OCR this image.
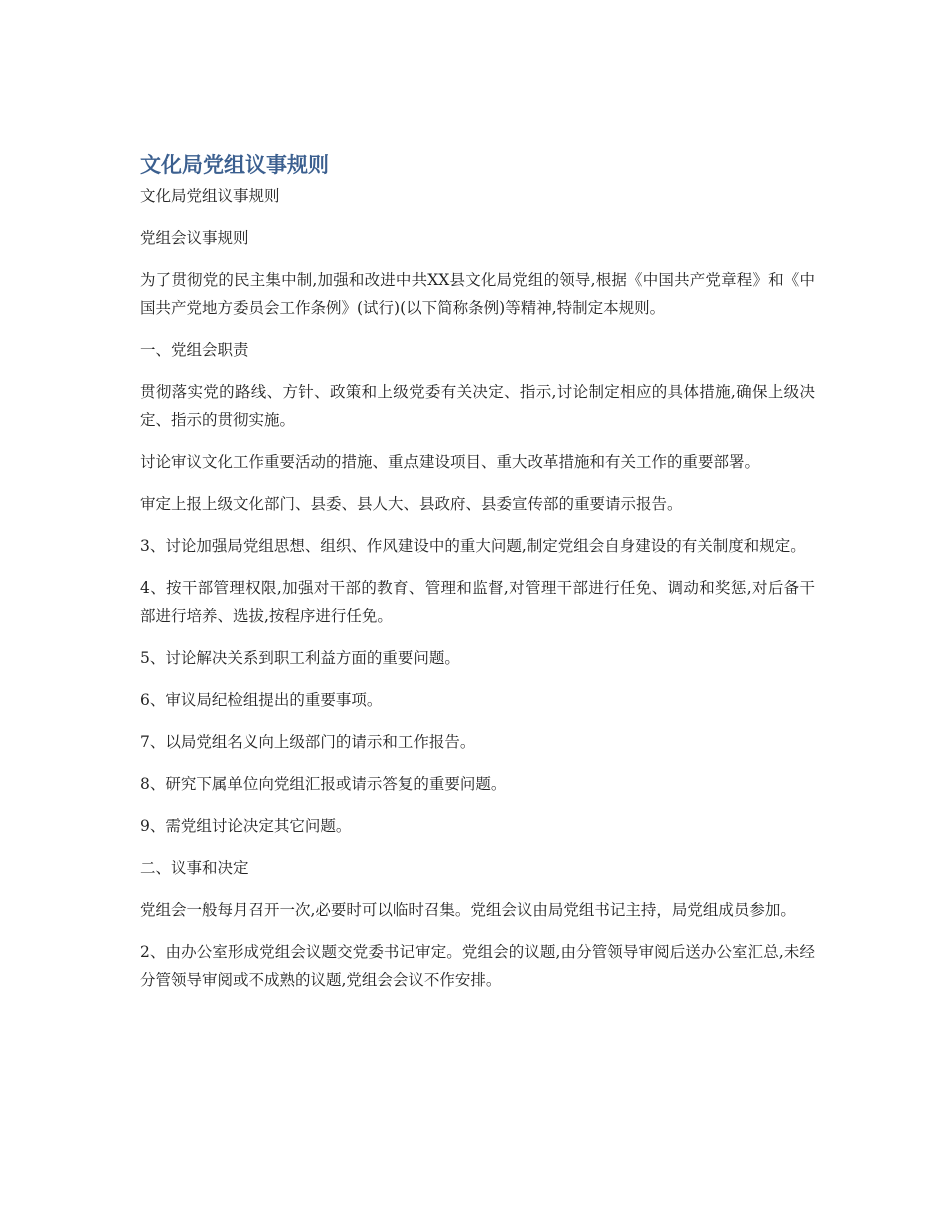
文化局党组议事规则

文化局党组议事规则

党组会议事规则

为了贯彻党的民主集中制,加强和改进中共XX县文化局党组的领导,根据《中国共产党章程》和《中国共产党地方委员会工作条例》(试行)(以下简称条例)等精神,特制定本规则。

一、党组会职责

贯彻落实党的路线、方针、政策和上级党委有关决定、指示,讨论制定相应的具体措施,确保上级决定、指示的贯彻实施。

讨论审议文化工作重要活动的措施、重点建设项目、重大改革措施和有关工作的重要部署。

审定上报上级文化部门、县委、县人大、县政府、县委宣传部的重要请示报告。

3、讨论加强局党组思想、组织、作风建设中的重大问题,制定党组会自身建设的有关制度和规定。

4、按干部管理权限,加强对干部的教育、管理和监督,对管理干部进行任免、调动和奖惩,对后备干部进行培养、选拔,按程序进行任免。

5、讨论解决关系到职工利益方面的重要问题。

6、审议局纪检组提出的重要事项。

7、以局党组名义向上级部门的请示和工作报告。

8、研究下属单位向党组汇报或请示答复的重要问题。

9、需党组讨论决定其它问题。

二、议事和决定

党组会一般每月召开一次,必要时可以临时召集。党组会议由局党组书记主持，局党组成员参加。

2、由办公室形成党组会议题交党委书记审定。党组会的议题,由分管领导审阅后送办公室汇总,未经分管领导审阅或不成熟的议题,党组会会议不作安排。
